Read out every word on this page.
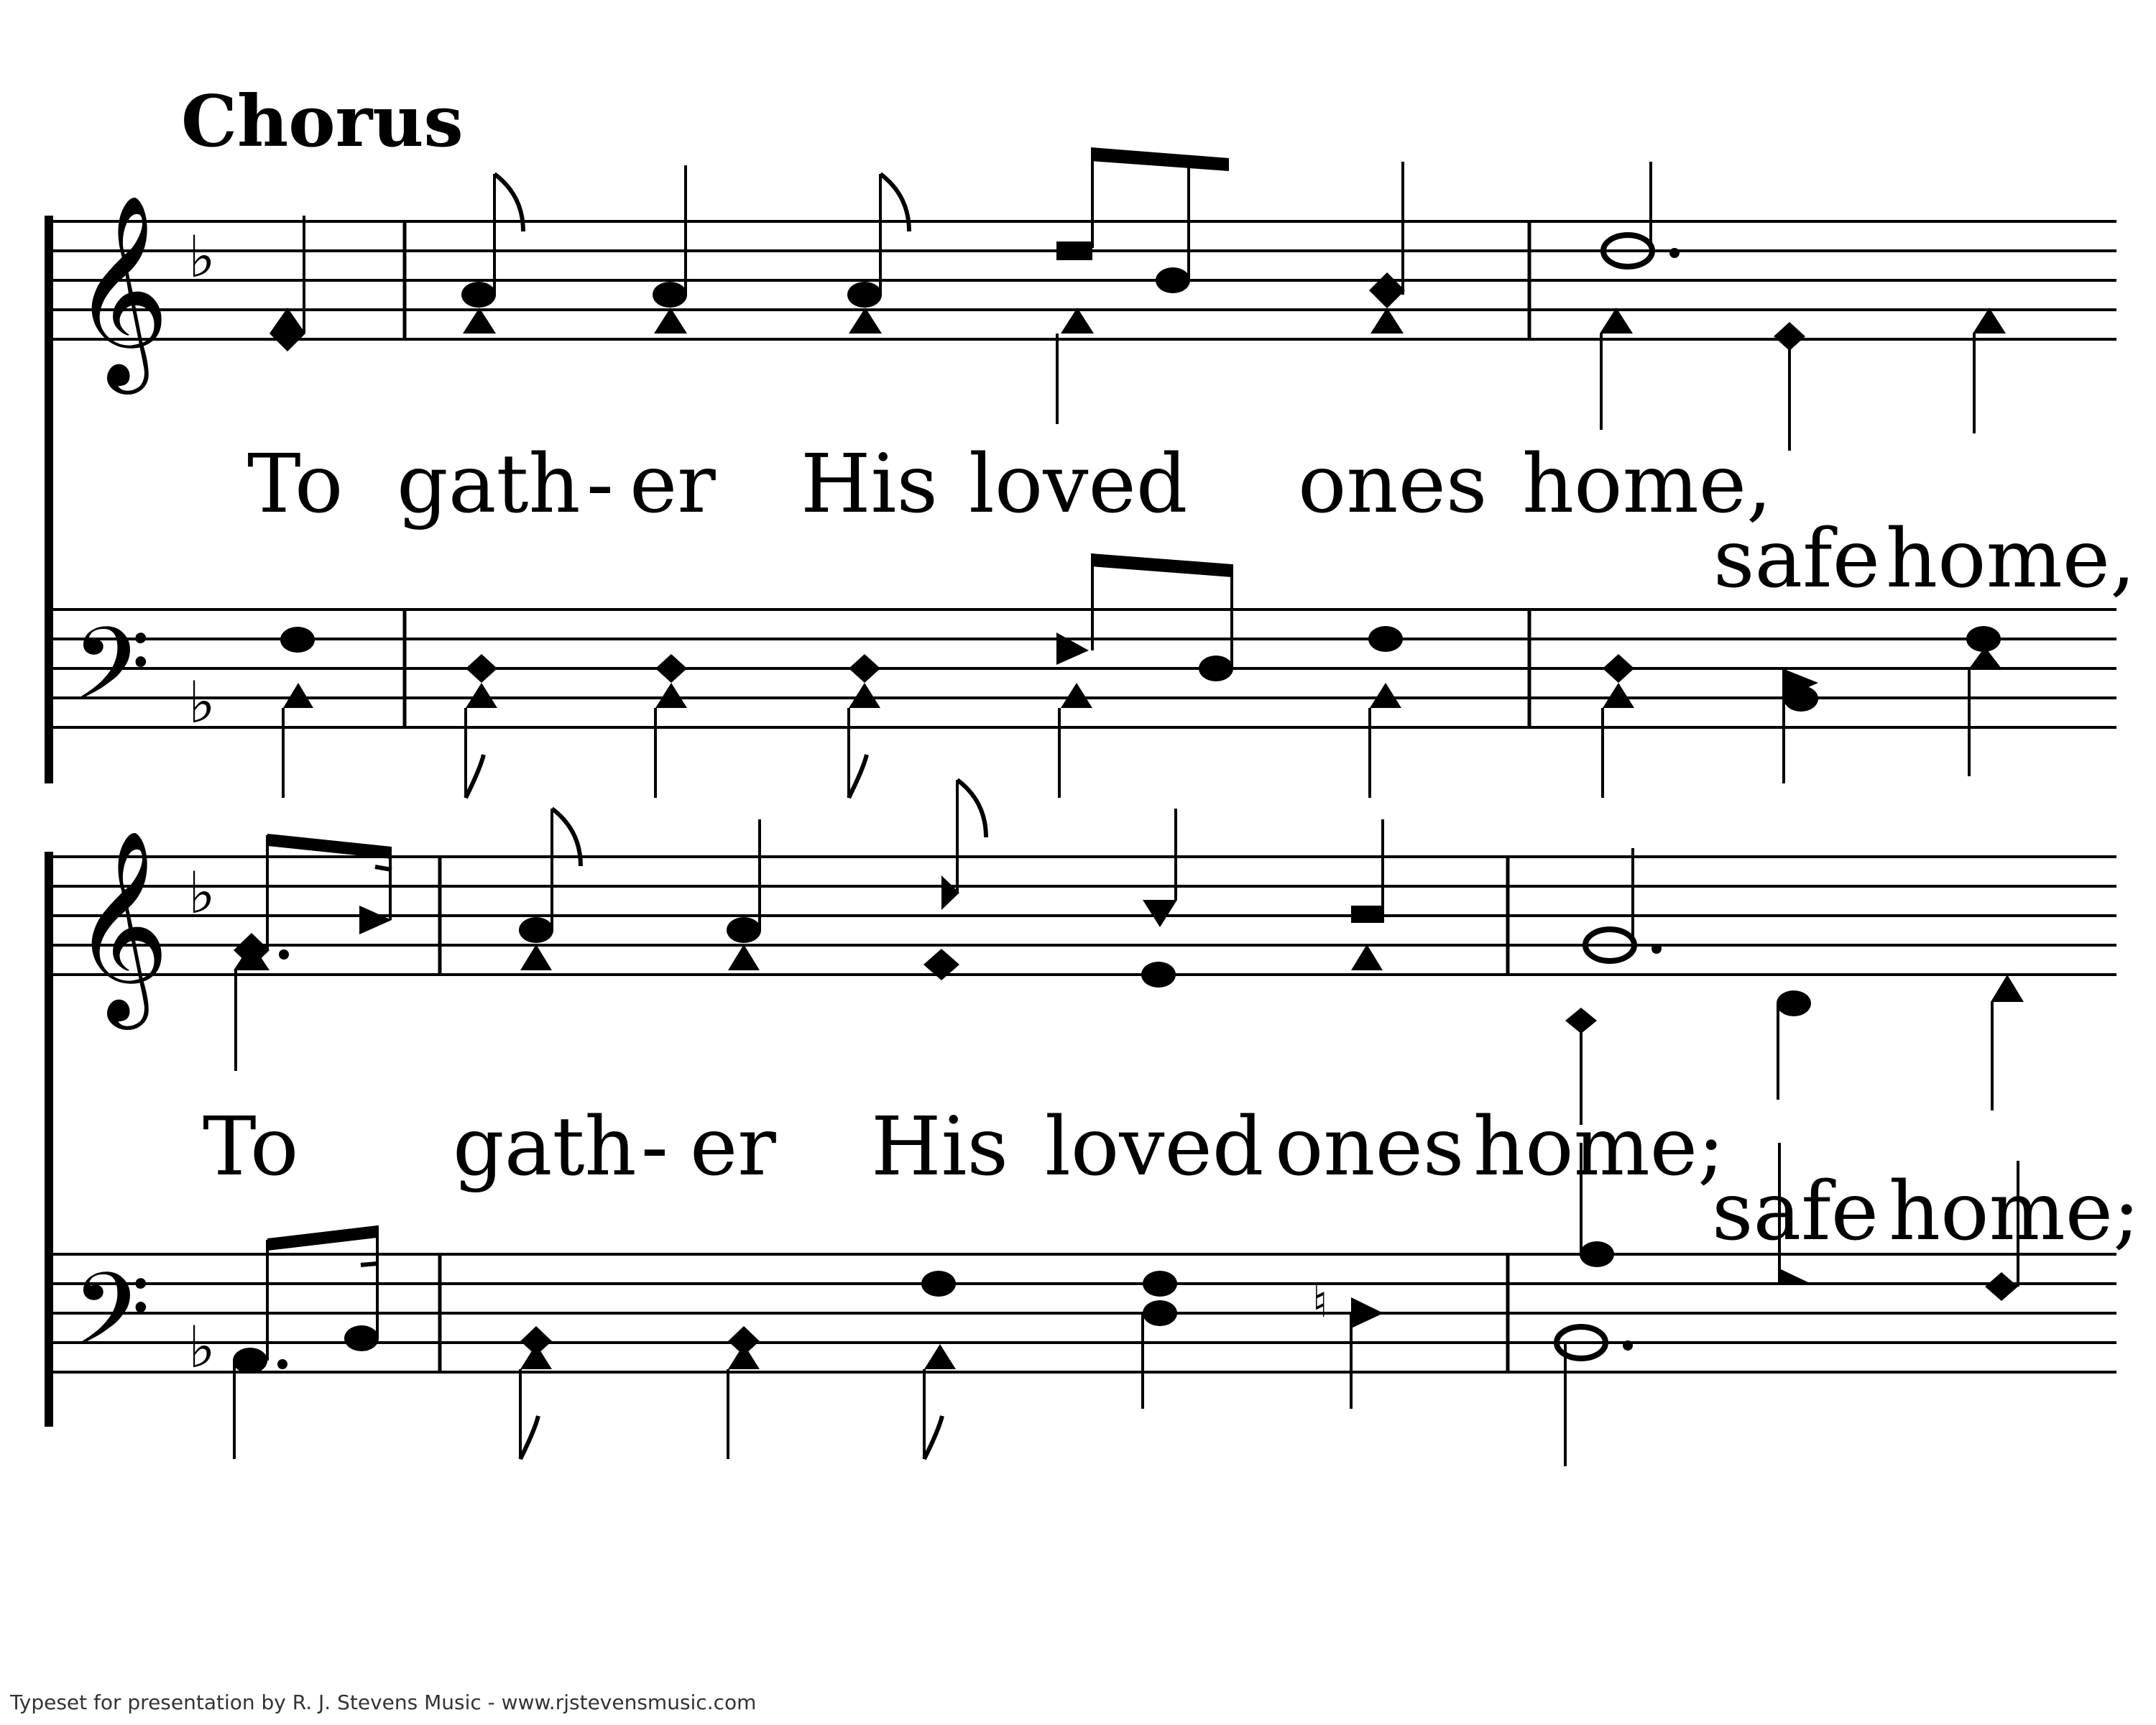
Chorus
𝄞
𝄢
♭
♭
𝄞
𝄢
♭
♭
♮
To gath - er His loved ones home,
safe home,
To gath - er His loved ones home;
safe home;
Typeset for presentation by R. J. Stevens Music - www.rjstevensmusic.com
